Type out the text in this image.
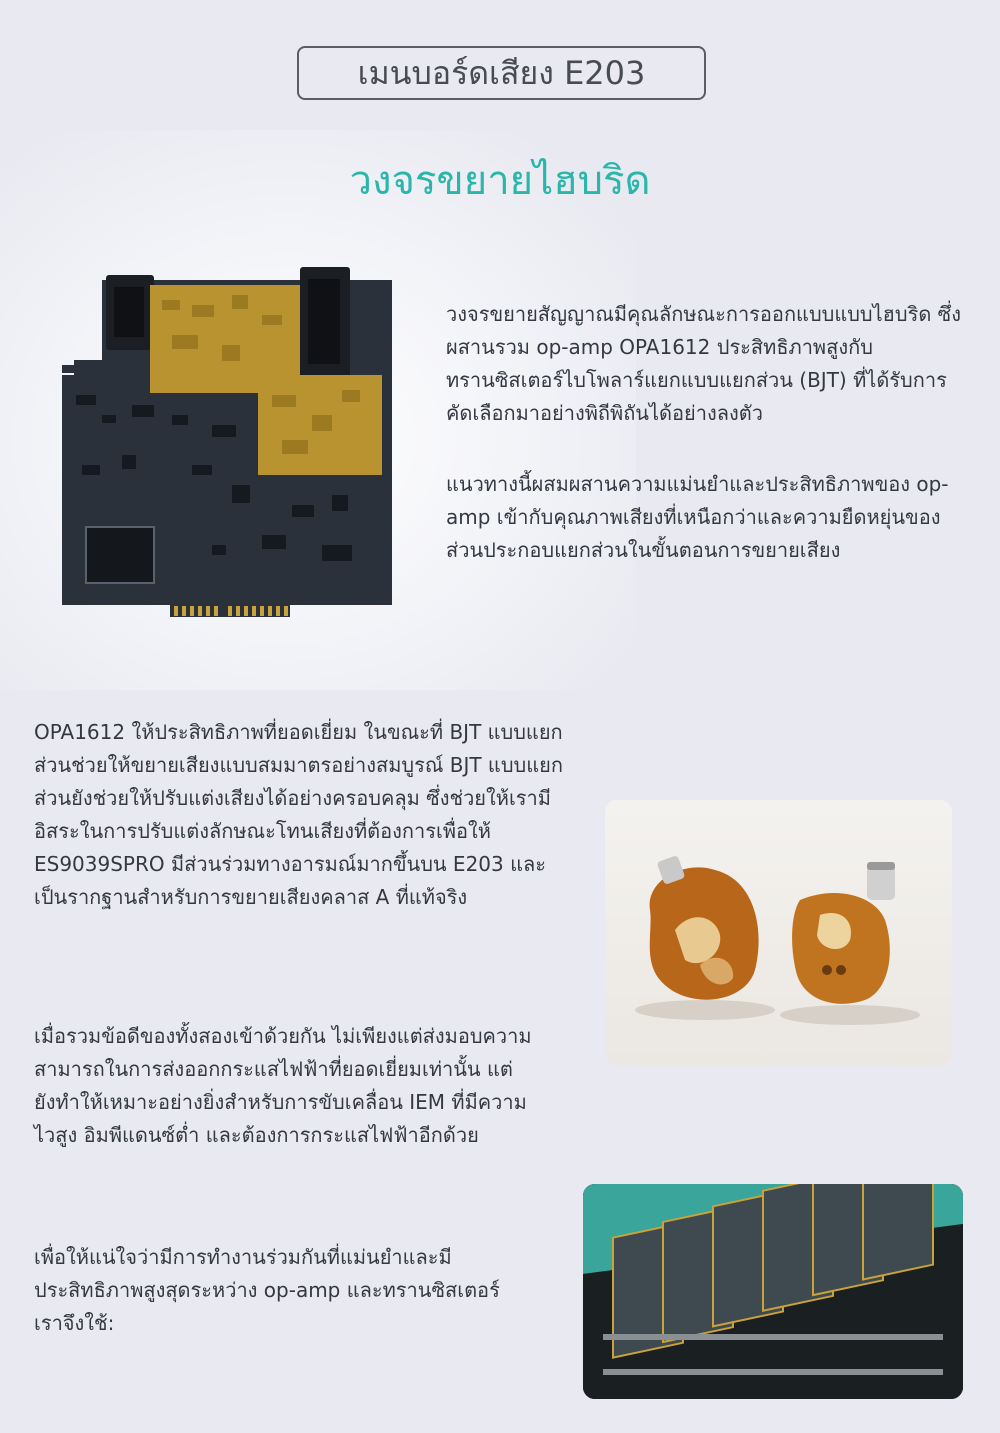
เมนบอร์ดเสียง E203
วงจรขยายไฮบริด
วงจรขยายสัญญาณมีคุณลักษณะการออกแบบแบบไฮบริด ซึ่งผสานรวม op-amp OPA1612 ประสิทธิภาพสูงกับทรานซิสเตอร์ไบโพลาร์แยกแบบแยกส่วน (BJT) ที่ได้รับการคัดเลือกมาอย่างพิถีพิถันได้อย่างลงตัว
แนวทางนี้ผสมผสานความแม่นยำและประสิทธิภาพของ op-amp เข้ากับคุณภาพเสียงที่เหนือกว่าและความยืดหยุ่นของส่วนประกอบแยกส่วนในขั้นตอนการขยายเสียง
OPA1612 ให้ประสิทธิภาพที่ยอดเยี่ยม ในขณะที่ BJT แบบแยกส่วนช่วยให้ขยายเสียงแบบสมมาตรอย่างสมบูรณ์ BJT แบบแยกส่วนยังช่วยให้ปรับแต่งเสียงได้อย่างครอบคลุม ซึ่งช่วยให้เรามีอิสระในการปรับแต่งลักษณะโทนเสียงที่ต้องการเพื่อให้ ES9039SPRO มีส่วนร่วมทางอารมณ์มากขึ้นบน E203 และเป็นรากฐานสำหรับการขยายเสียงคลาส A ที่แท้จริง
เมื่อรวมข้อดีของทั้งสองเข้าด้วยกัน ไม่เพียงแต่ส่งมอบความสามารถในการส่งออกกระแสไฟฟ้าที่ยอดเยี่ยมเท่านั้น แต่ยังทำให้เหมาะอย่างยิ่งสำหรับการขับเคลื่อน IEM ที่มีความไวสูง อิมพีแดนซ์ต่ำ และต้องการกระแสไฟฟ้าอีกด้วย
เพื่อให้แน่ใจว่ามีการทำงานร่วมกันที่แม่นยำและมีประสิทธิภาพสูงสุดระหว่าง op-amp และทรานซิสเตอร์ เราจึงใช้:
